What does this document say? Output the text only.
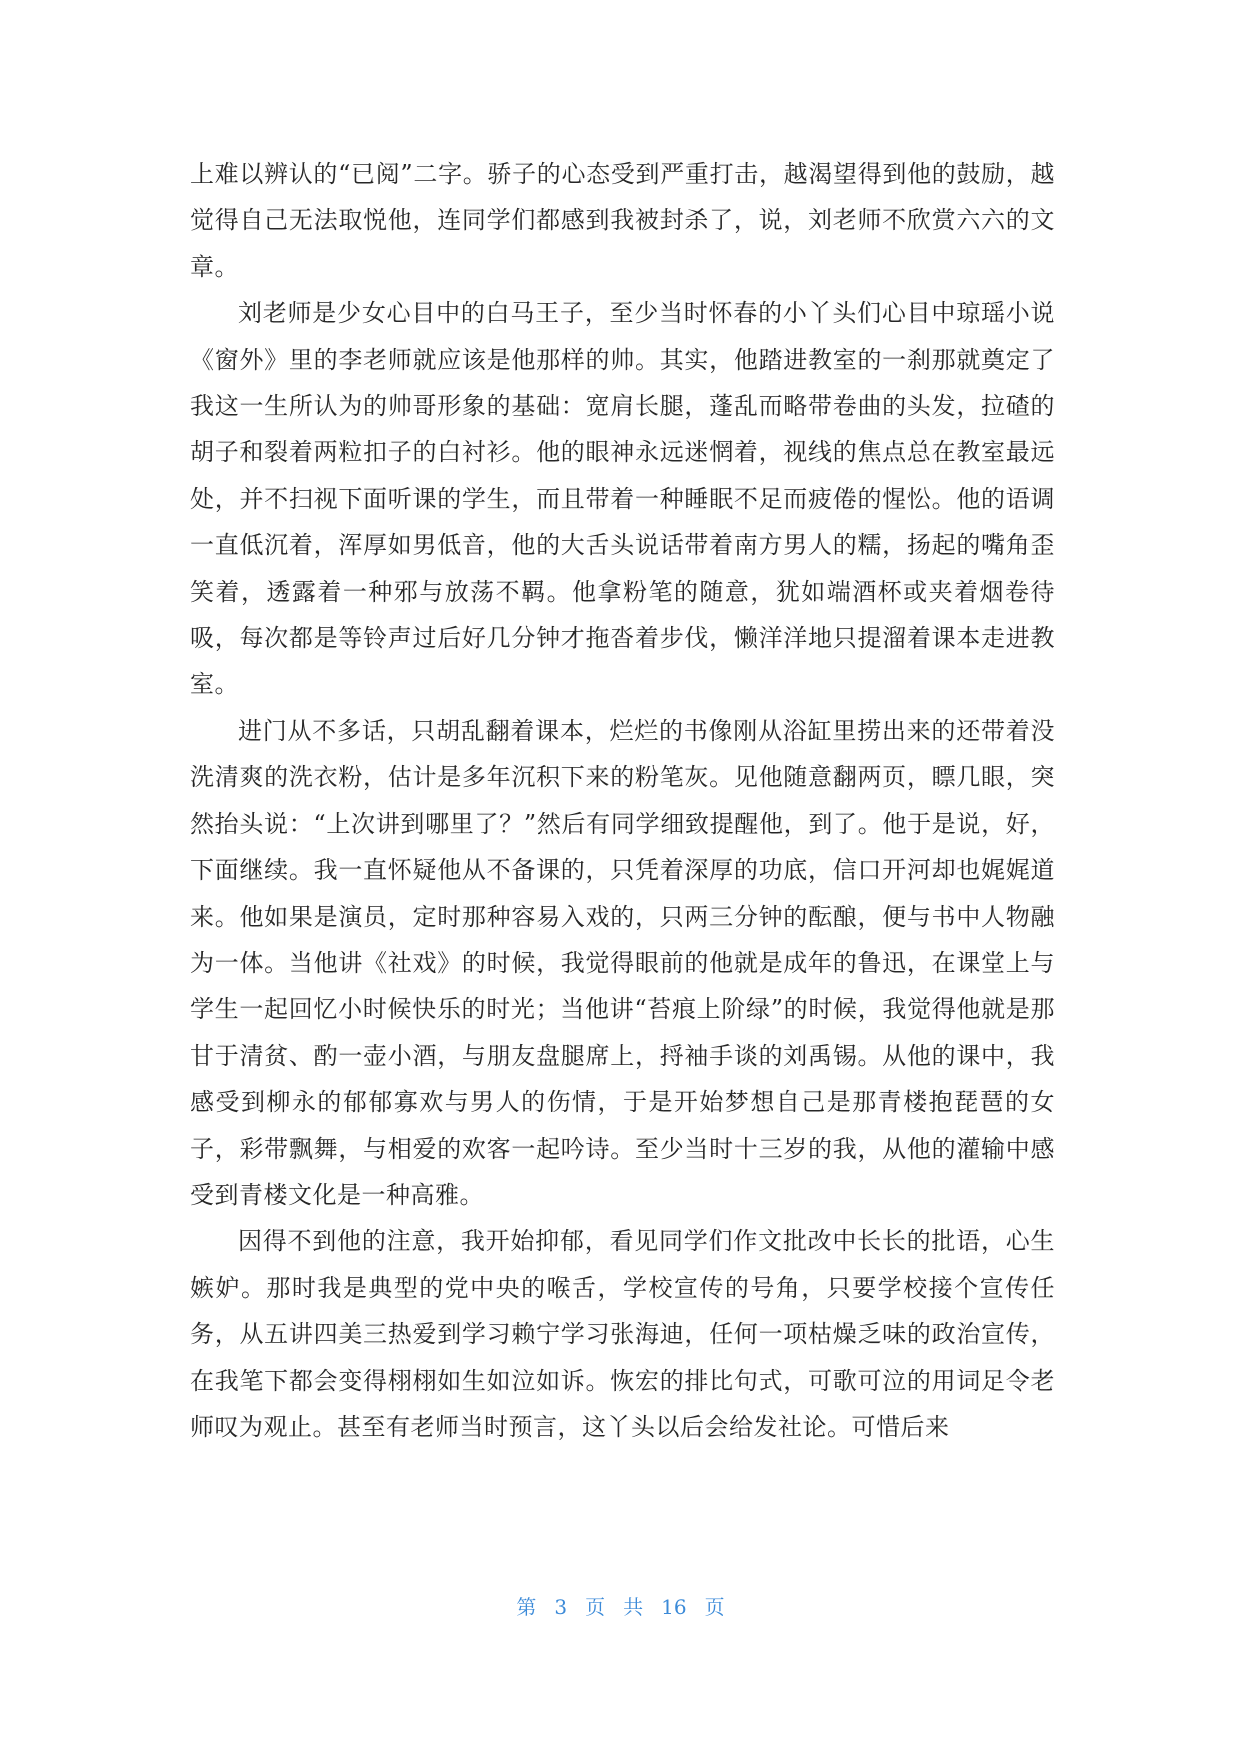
上难以辨认的“已阅”二字。骄子的心态受到严重打击，越渴望得到他的鼓励，越觉得自己无法取悦他，连同学们都感到我被封杀了，说，刘老师不欣赏六六的文章。

刘老师是少女心目中的白马王子，至少当时怀春的小丫头们心目中琼瑶小说《窗外》里的李老师就应该是他那样的帅。其实，他踏进教室的一刹那就奠定了我这一生所认为的帅哥形象的基础：宽肩长腿，蓬乱而略带卷曲的头发，拉碴的胡子和裂着两粒扣子的白衬衫。他的眼神永远迷惘着，视线的焦点总在教室最远处，并不扫视下面听课的学生，而且带着一种睡眠不足而疲倦的惺忪。他的语调一直低沉着，浑厚如男低音，他的大舌头说话带着南方男人的糯，扬起的嘴角歪笑着，透露着一种邪与放荡不羁。他拿粉笔的随意，犹如端酒杯或夹着烟卷待吸，每次都是等铃声过后好几分钟才拖沓着步伐，懒洋洋地只提溜着课本走进教室。

进门从不多话，只胡乱翻着课本，烂烂的书像刚从浴缸里捞出来的还带着没洗清爽的洗衣粉，估计是多年沉积下来的粉笔灰。见他随意翻两页，瞟几眼，突然抬头说：“上次讲到哪里了？”然后有同学细致提醒他，到了。他于是说，好，下面继续。我一直怀疑他从不备课的，只凭着深厚的功底，信口开河却也娓娓道来。他如果是演员，定时那种容易入戏的，只两三分钟的酝酿，便与书中人物融为一体。当他讲《社戏》的时候，我觉得眼前的他就是成年的鲁迅，在课堂上与学生一起回忆小时候快乐的时光；当他讲“苔痕上阶绿”的时候，我觉得他就是那甘于清贫、酌一壶小酒，与朋友盘腿席上，捋袖手谈的刘禹锡。从他的课中，我感受到柳永的郁郁寡欢与男人的伤情，于是开始梦想自己是那青楼抱琵琶的女子，彩带飘舞，与相爱的欢客一起吟诗。至少当时十三岁的我，从他的灌输中感受到青楼文化是一种高雅。

因得不到他的注意，我开始抑郁，看见同学们作文批改中长长的批语，心生嫉妒。那时我是典型的党中央的喉舌，学校宣传的号角，只要学校接个宣传任务，从五讲四美三热爱到学习赖宁学习张海迪，任何一项枯燥乏味的政治宣传，在我笔下都会变得栩栩如生如泣如诉。恢宏的排比句式，可歌可泣的用词足令老师叹为观止。甚至有老师当时预言，这丫头以后会给发社论。可惜后来

第 3 页 共 16 页
